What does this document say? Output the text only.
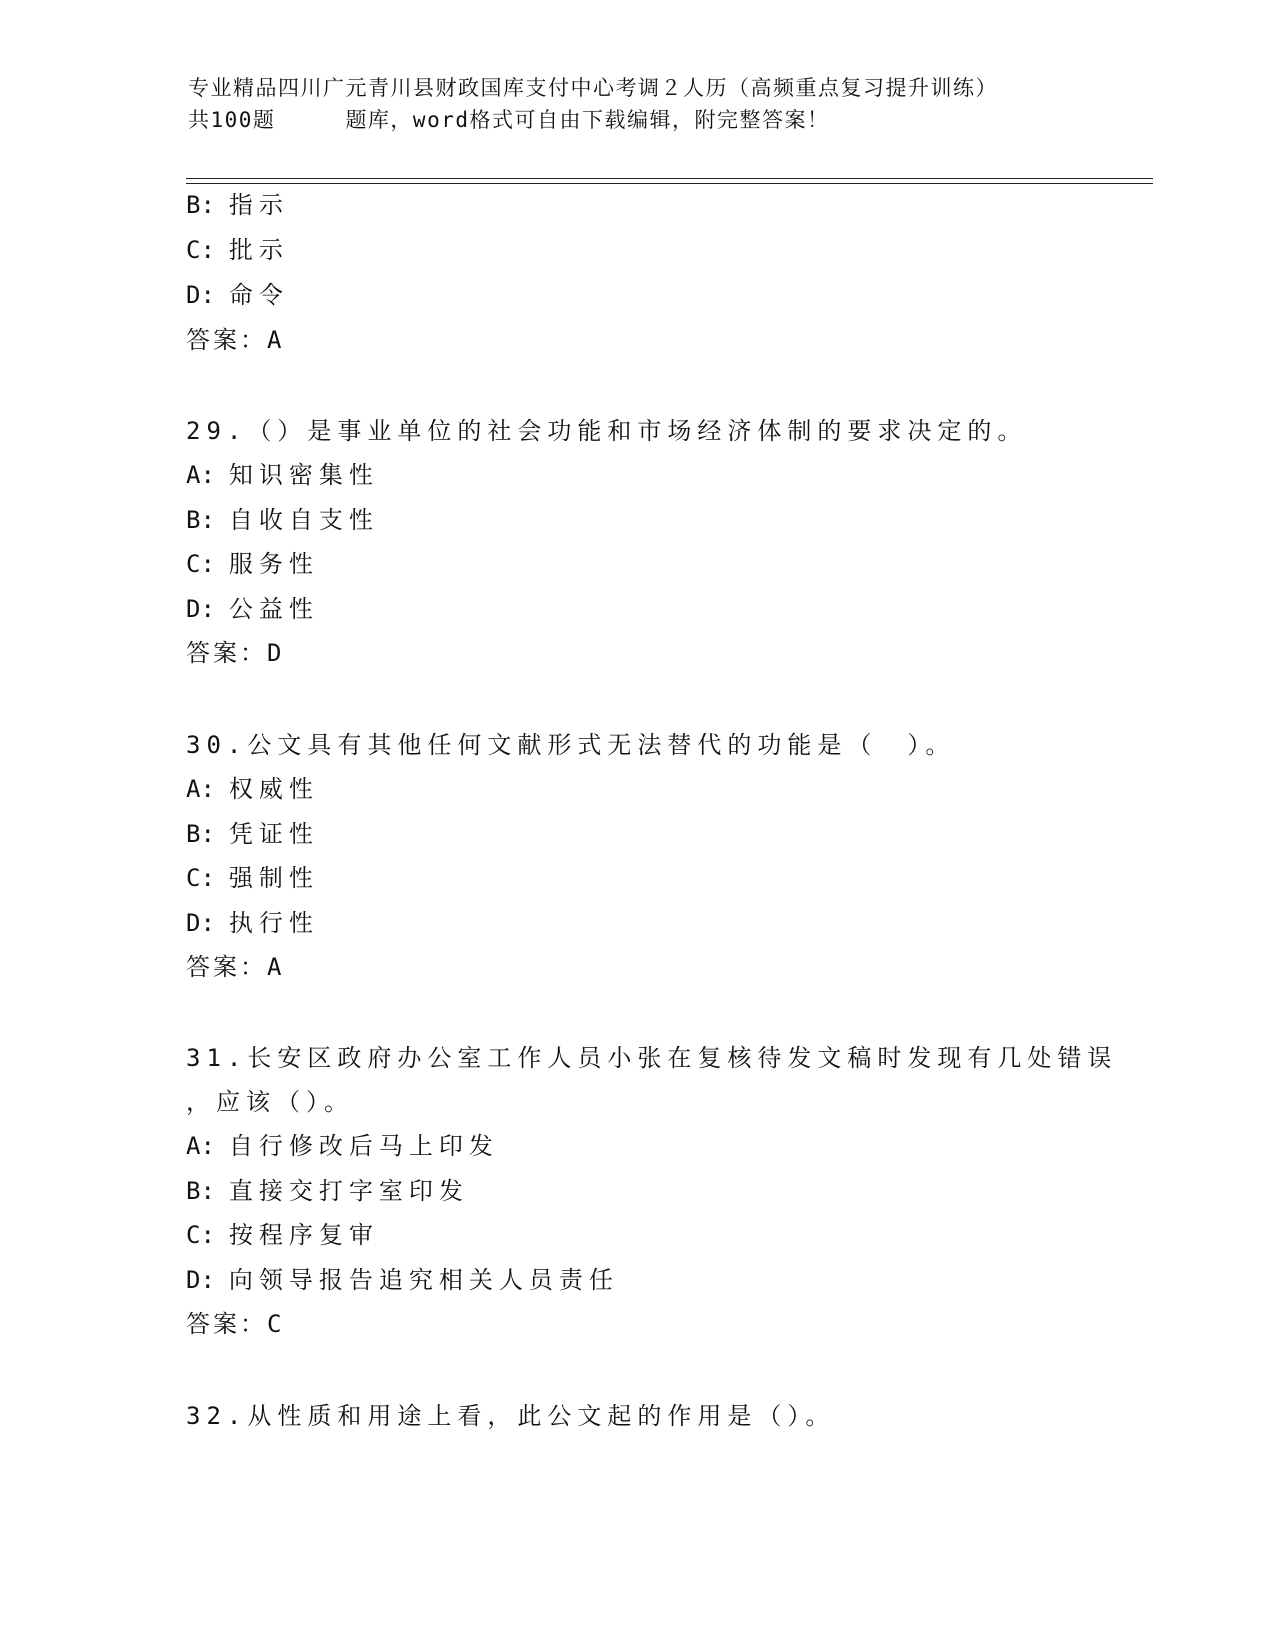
专业精品四川广元青川县财政国库支付中心考调２人历（高频重点复习提升训练）
共100题	题库，word格式可自由下载编辑，附完整答案！
B: 指示
C: 批示
D: 命令
答案：A
29.（）是事业单位的社会功能和市场经济体制的要求决定的。
A: 知识密集性
B: 自收自支性
C: 服务性
D: 公益性
答案：D
30.公文具有其他任何文献形式无法替代的功能是（　）。
A: 权威性
B: 凭证性
C: 强制性
D: 执行性
答案：A
31.长安区政府办公室工作人员小张在复核待发文稿时发现有几处错误
，应该（）。
A: 自行修改后马上印发
B: 直接交打字室印发
C: 按程序复审
D: 向领导报告追究相关人员责任
答案：C
32.从性质和用途上看，此公文起的作用是（）。
